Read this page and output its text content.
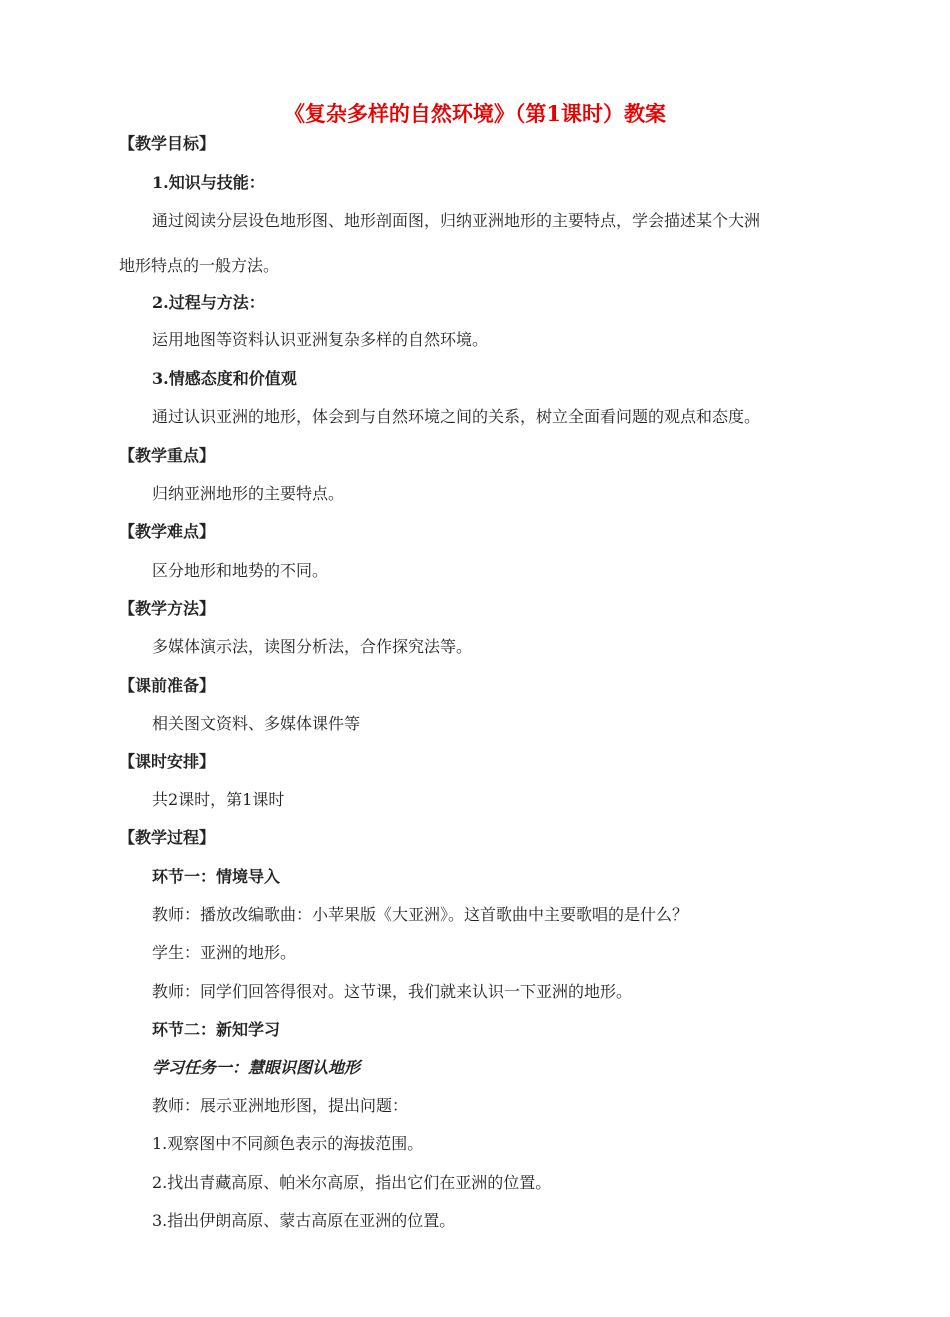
《复杂多样的自然环境》（第1课时）教案
【教学目标】
1.知识与技能：
通过阅读分层设色地形图、地形剖面图，归纳亚洲地形的主要特点，学会描述某个大洲
地形特点的一般方法。
2.过程与方法：
运用地图等资料认识亚洲复杂多样的自然环境。
3.情感态度和价值观
通过认识亚洲的地形，体会到与自然环境之间的关系，树立全面看问题的观点和态度。
【教学重点】
归纳亚洲地形的主要特点。
【教学难点】
区分地形和地势的不同。
【教学方法】
多媒体演示法，读图分析法，合作探究法等。
【课前准备】
相关图文资料、多媒体课件等
【课时安排】
共2课时，第1课时
【教学过程】
环节一：情境导入
教师：播放改编歌曲：小苹果版《大亚洲》。这首歌曲中主要歌唱的是什么？
学生：亚洲的地形。
教师：同学们回答得很对。这节课，我们就来认识一下亚洲的地形。
环节二：新知学习
学习任务一：慧眼识图认地形
教师：展示亚洲地形图，提出问题：
1.观察图中不同颜色表示的海拔范围。
2.找出青藏高原、帕米尔高原，指出它们在亚洲的位置。
3.指出伊朗高原、蒙古高原在亚洲的位置。
